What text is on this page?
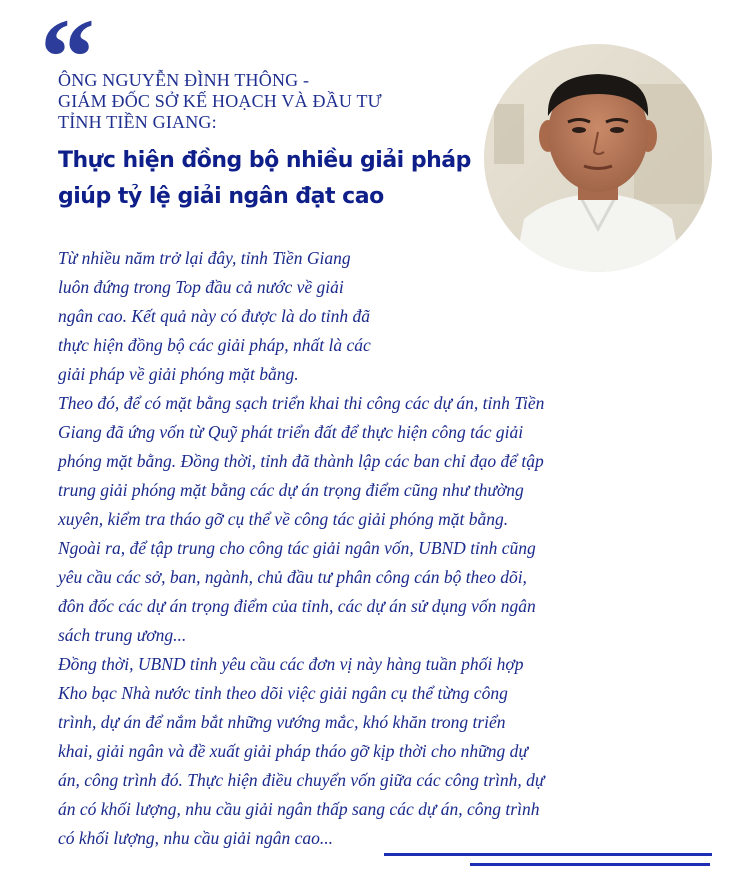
“
ÔNG NGUYỄN ĐÌNH THÔNG -
GIÁM ĐỐC SỞ KẾ HOẠCH VÀ ĐẦU TƯ
TỈNH TIỀN GIANG:
Thực hiện đồng bộ nhiều giải pháp
giúp tỷ lệ giải ngân đạt cao

Từ nhiều năm trở lại đây, tỉnh Tiền Giang
luôn đứng trong Top đầu cả nước về giải
ngân cao. Kết quả này có được là do tỉnh đã
thực hiện đồng bộ các giải pháp, nhất là các
giải pháp về giải phóng mặt bằng.

Theo đó, để có mặt bằng sạch triển khai thi công các dự án, tỉnh Tiền
Giang đã ứng vốn từ Quỹ phát triển đất để thực hiện công tác giải
phóng mặt bằng. Đồng thời, tỉnh đã thành lập các ban chỉ đạo để tập
trung giải phóng mặt bằng các dự án trọng điểm cũng như thường
xuyên, kiểm tra tháo gỡ cụ thể về công tác giải phóng mặt bằng.
Ngoài ra, để tập trung cho công tác giải ngân vốn, UBND tỉnh cũng
yêu cầu các sở, ban, ngành, chủ đầu tư phân công cán bộ theo dõi,
đôn đốc các dự án trọng điểm của tỉnh, các dự án sử dụng vốn ngân
sách trung ương...

Đồng thời, UBND tỉnh yêu cầu các đơn vị này hàng tuần phối hợp
Kho bạc Nhà nước tỉnh theo dõi việc giải ngân cụ thể từng công
trình, dự án để nắm bắt những vướng mắc, khó khăn trong triển
khai, giải ngân và đề xuất giải pháp tháo gỡ kịp thời cho những dự
án, công trình đó. Thực hiện điều chuyển vốn giữa các công trình, dự
án có khối lượng, nhu cầu giải ngân thấp sang các dự án, công trình
có khối lượng, nhu cầu giải ngân cao...
